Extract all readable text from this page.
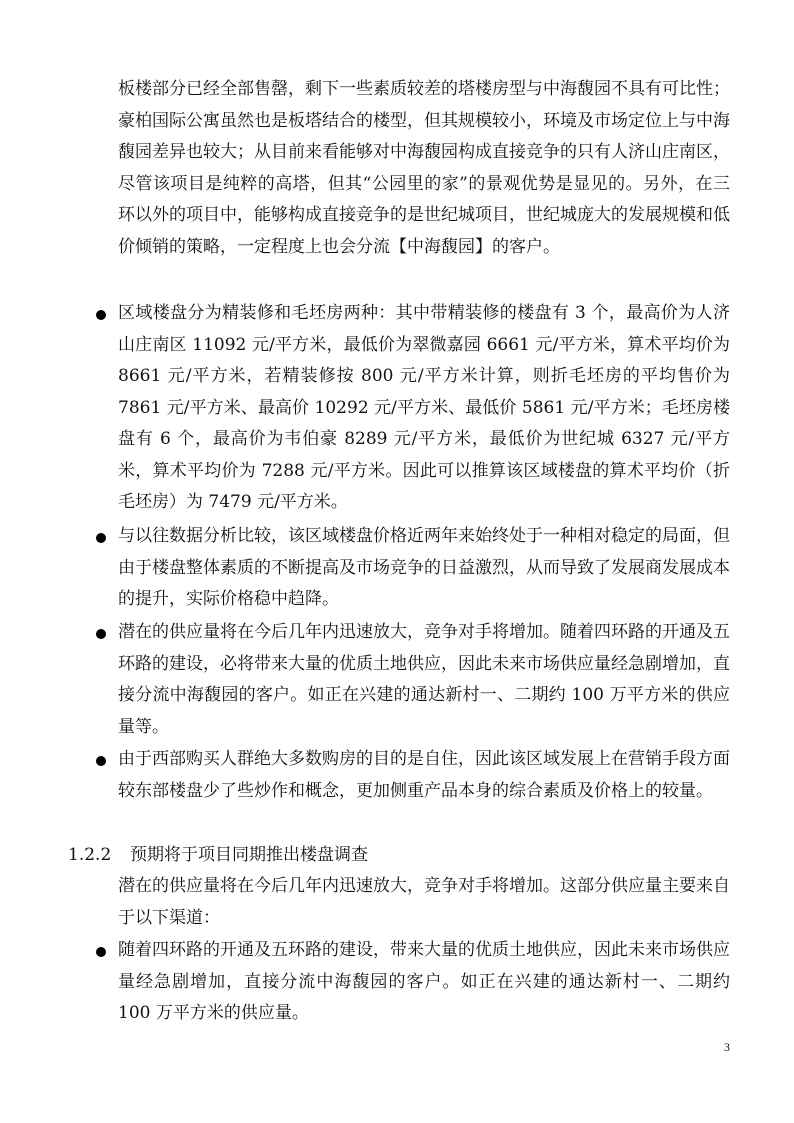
板楼部分已经全部售罄，剩下一些素质较差的塔楼房型与中海馥园不具有可比性；豪柏国际公寓虽然也是板塔结合的楼型，但其规模较小，环境及市场定位上与中海馥园差异也较大；从目前来看能够对中海馥园构成直接竞争的只有人济山庄南区，尽管该项目是纯粹的高塔，但其“公园里的家”的景观优势是显见的。另外，在三环以外的项目中，能够构成直接竞争的是世纪城项目，世纪城庞大的发展规模和低价倾销的策略，一定程度上也会分流【中海馥园】的客户。

区域楼盘分为精装修和毛坯房两种：其中带精装修的楼盘有 3 个，最高价为人济山庄南区 11092 元/平方米，最低价为翠微嘉园 6661 元/平方米，算术平均价为 8661 元/平方米，若精装修按 800 元/平方米计算，则折毛坯房的平均售价为 7861 元/平方米、最高价 10292 元/平方米、最低价 5861 元/平方米；毛坯房楼盘有 6 个，最高价为韦伯豪 8289 元/平方米，最低价为世纪城 6327 元/平方米，算术平均价为 7288 元/平方米。因此可以推算该区域楼盘的算术平均价（折毛坯房）为 7479 元/平方米。

与以往数据分析比较，该区域楼盘价格近两年来始终处于一种相对稳定的局面，但由于楼盘整体素质的不断提高及市场竞争的日益激烈，从而导致了发展商发展成本的提升，实际价格稳中趋降。

潜在的供应量将在今后几年内迅速放大，竞争对手将增加。随着四环路的开通及五环路的建设，必将带来大量的优质土地供应，因此未来市场供应量经急剧增加，直接分流中海馥园的客户。如正在兴建的通达新村一、二期约 100 万平方米的供应量等。

由于西部购买人群绝大多数购房的目的是自住，因此该区域发展上在营销手段方面较东部楼盘少了些炒作和概念，更加侧重产品本身的综合素质及价格上的较量。

1.2.2 预期将于项目同期推出楼盘调查

潜在的供应量将在今后几年内迅速放大，竞争对手将增加。这部分供应量主要来自于以下渠道：

随着四环路的开通及五环路的建设，带来大量的优质土地供应，因此未来市场供应量经急剧增加，直接分流中海馥园的客户。如正在兴建的通达新村一、二期约 100 万平方米的供应量。

3
